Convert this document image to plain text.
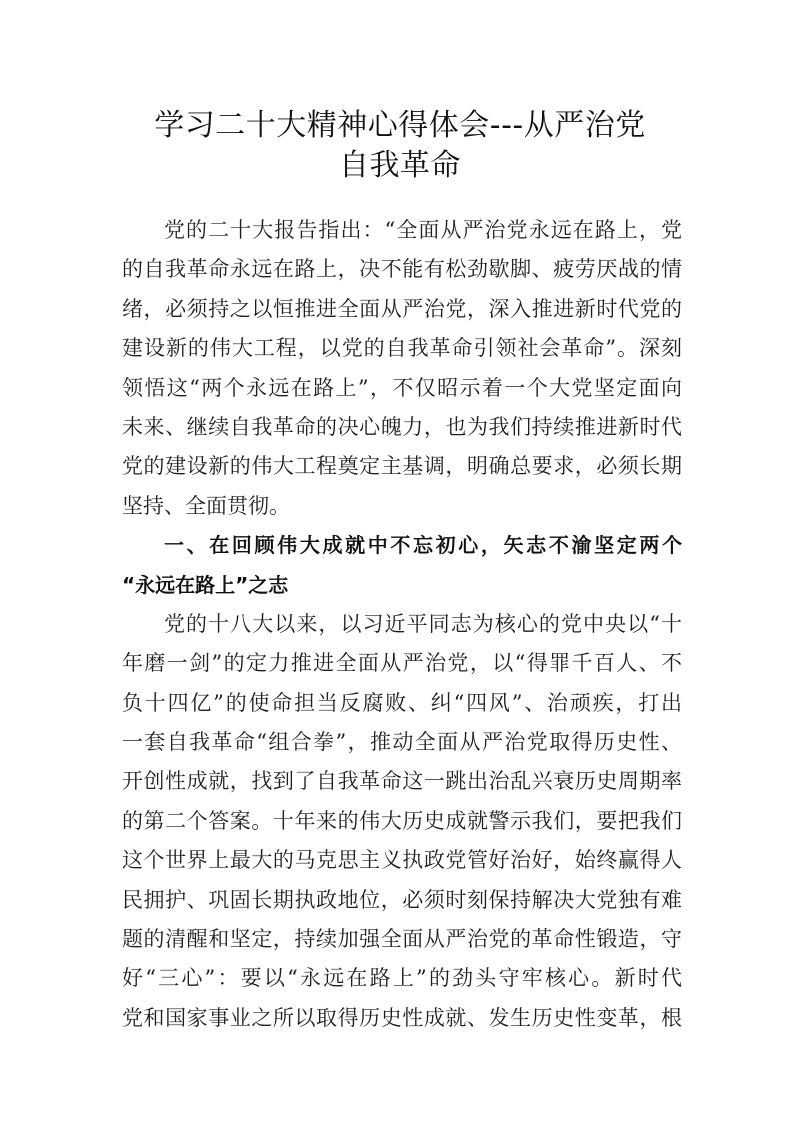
学习二十大精神心得体会---从严治党
自我革命
党的二十大报告指出：“全面从严治党永远在路上，党
的自我革命永远在路上，决不能有松劲歇脚、疲劳厌战的情
绪，必须持之以恒推进全面从严治党，深入推进新时代党的
建设新的伟大工程，以党的自我革命引领社会革命”。深刻
领悟这“两个永远在路上”，不仅昭示着一个大党坚定面向
未来、继续自我革命的决心魄力，也为我们持续推进新时代
党的建设新的伟大工程奠定主基调，明确总要求，必须长期
坚持、全面贯彻。
一、在回顾伟大成就中不忘初心，矢志不渝坚定两个
“永远在路上”之志
党的十八大以来，以习近平同志为核心的党中央以“十
年磨一剑”的定力推进全面从严治党，以“得罪千百人、不
负十四亿”的使命担当反腐败、纠“四风”、治顽疾，打出
一套自我革命“组合拳”，推动全面从严治党取得历史性、
开创性成就，找到了自我革命这一跳出治乱兴衰历史周期率
的第二个答案。十年来的伟大历史成就警示我们，要把我们
这个世界上最大的马克思主义执政党管好治好，始终赢得人
民拥护、巩固长期执政地位，必须时刻保持解决大党独有难
题的清醒和坚定，持续加强全面从严治党的革命性锻造，守
好“三心”：要以“永远在路上”的劲头守牢核心。新时代
党和国家事业之所以取得历史性成就、发生历史性变革，根
